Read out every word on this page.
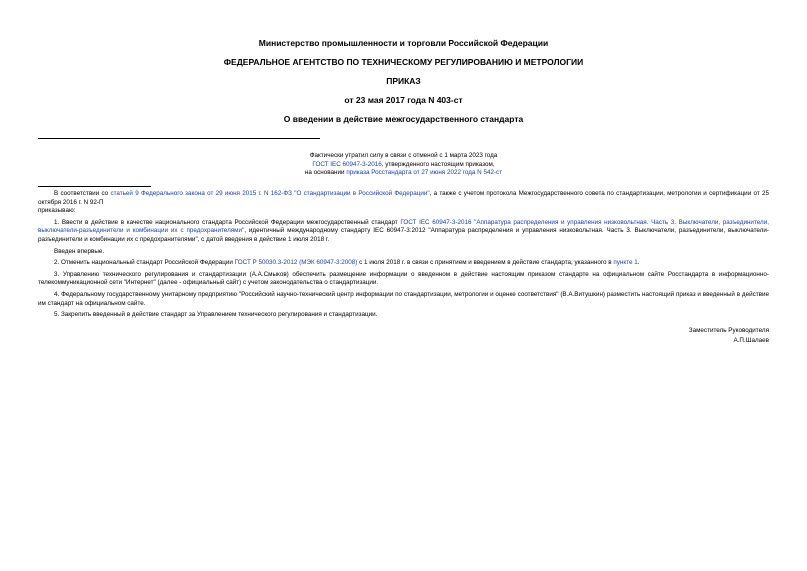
Министерство промышленности и торговли Российской Федерации
ФЕДЕРАЛЬНОЕ АГЕНТСТВО ПО ТЕХНИЧЕСКОМУ РЕГУЛИРОВАНИЮ И МЕТРОЛОГИИ
ПРИКАЗ
от 23 мая 2017 года N 403-ст
О введении в действие межгосударственного стандарта
Фактически утратил силу в связи с отменой с 1 марта 2023 года
ГОСТ IEC 60947-3-2016, утвержденного настоящим приказом,
на основании приказа Росстандарта от 27 июня 2022 года N 542-ст

В соответствии со статьей 9 Федерального закона от 29 июня 2015 г. N 162-ФЗ "О стандартизации в Российской Федерации", а также с учетом протокола Межгосударственного совета по стандартизации, метрологии и сертификации от 25 октября 2016 г. N 92-П

приказываю:

1. Ввести в действие в качестве национального стандарта Российской Федерации межгосударственный стандарт ГОСТ IEC 60947-3-2016 "Аппаратура распределения и управления низковольтная. Часть 3. Выключатели, разъединители, выключатели-разъединители и комбинации их с предохранителями", идентичный международному стандарту IEC 60947-3:2012 "Аппаратура распределения и управления низковольтная. Часть 3. Выключатели, разъединители, выключатели-разъединители и комбинации их с предохранителями", с датой введения в действие 1 июля 2018 г.

Введен впервые.

2. Отменить национальный стандарт Российской Федерации ГОСТ Р 50030.3-2012 (МЭК 60947-3:2008) с 1 июля 2018 г. в связи с принятием и введением в действие стандарта, указанного в пункте 1.

3. Управлению технического регулирования и стандартизации (А.А.Смыков) обеспечить размещение информации о введенном в действие настоящим приказом стандарте на официальном сайте Росстандарта в информационно-телекоммуникационной сети "Интернет" (далее - официальный сайт) с учетом законодательства о стандартизации.

4. Федеральному государственному унитарному предприятию "Российский научно-технический центр информации по стандартизации, метрологии и оценке соответствия" (В.А.Витушкин) разместить настоящий приказ и введенный в действие им стандарт на официальном сайте.

5. Закрепить введенный в действие стандарт за Управлением технического регулирования и стандартизации.

Заместитель Руководителя
А.П.Шалаев
